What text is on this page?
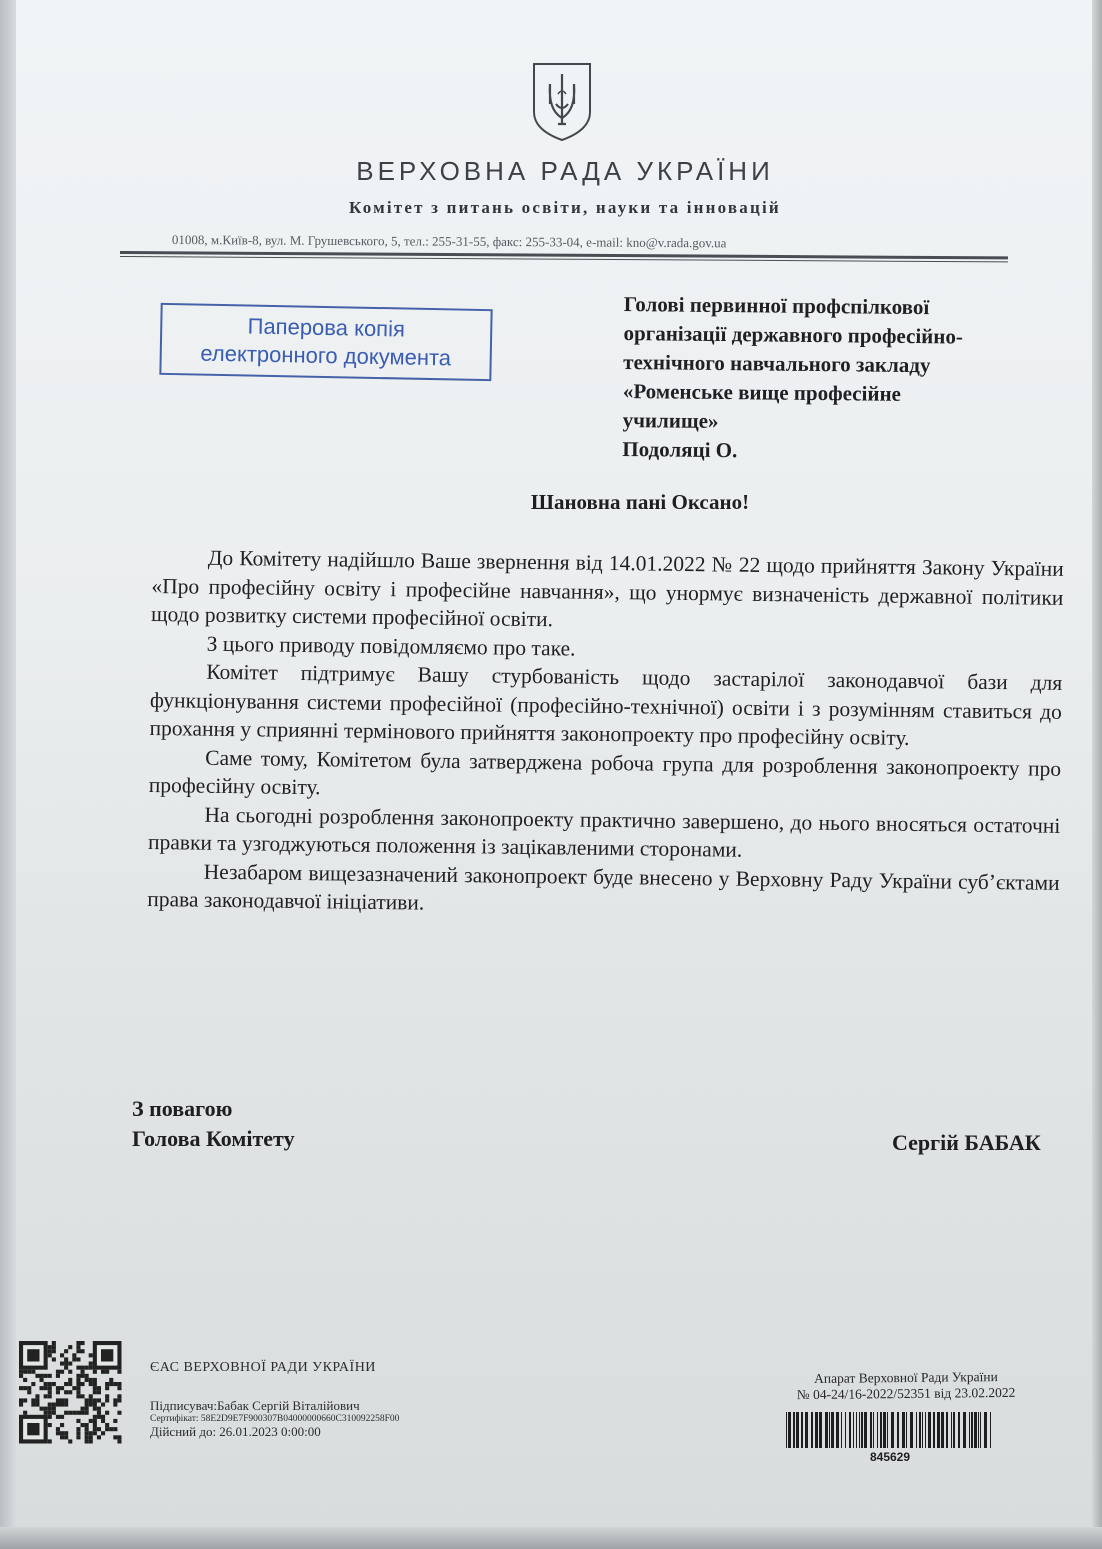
ВЕРХОВНА РАДА УКРАЇНИ
Комітет з питань освіти, науки та інновацій
01008, м.Київ-8, вул. М. Грушевського, 5, тел.: 255-31-55, факс: 255-33-04, e-mail: kno@v.rada.gov.ua
Паперова копія
електронного документа
Голові первинної профспілкової
організації державного професійно-
технічного навчального закладу
«Роменське вище професійне
училище»
Подоляці О.
Шановна пані Оксано!

До Комітету надійшло Ваше звернення від 14.01.2022 № 22 щодо прийняття Закону України «Про професійну освіту і професійне навчання», що унормує визначеність державної політики щодо розвитку системи професійної освіти.

З цього приводу повідомляємо про таке.

Комітет підтримує Вашу стурбованість щодо застарілої законодавчої бази для функціонування системи професійної (професійно-технічної) освіти і з розумінням ставиться до прохання у сприянні термінового прийняття законопроекту про професійну освіту.

Саме тому, Комітетом була затверджена робоча група для розроблення законопроекту про професійну освіту.

На сьогодні розроблення законопроекту практично завершено, до нього вносяться остаточні правки та узгоджуються положення із зацікавленими сторонами.

Незабаром вищезазначений законопроект буде внесено у Верховну Раду України суб’єктами права законодавчої ініціативи.

З повагою
Голова Комітету	Сергій БАБАК
ЄАС ВЕРХОВНОЇ РАДИ УКРАЇНИ
Підписувач:Бабак Сергій Віталійович
Сертифікат: 58E2D9E7F900307B04000000660C310092258F00
Дійсний до: 26.01.2023 0:00:00
Апарат Верховної Ради України
№ 04-24/16-2022/52351 від 23.02.2022
845629
